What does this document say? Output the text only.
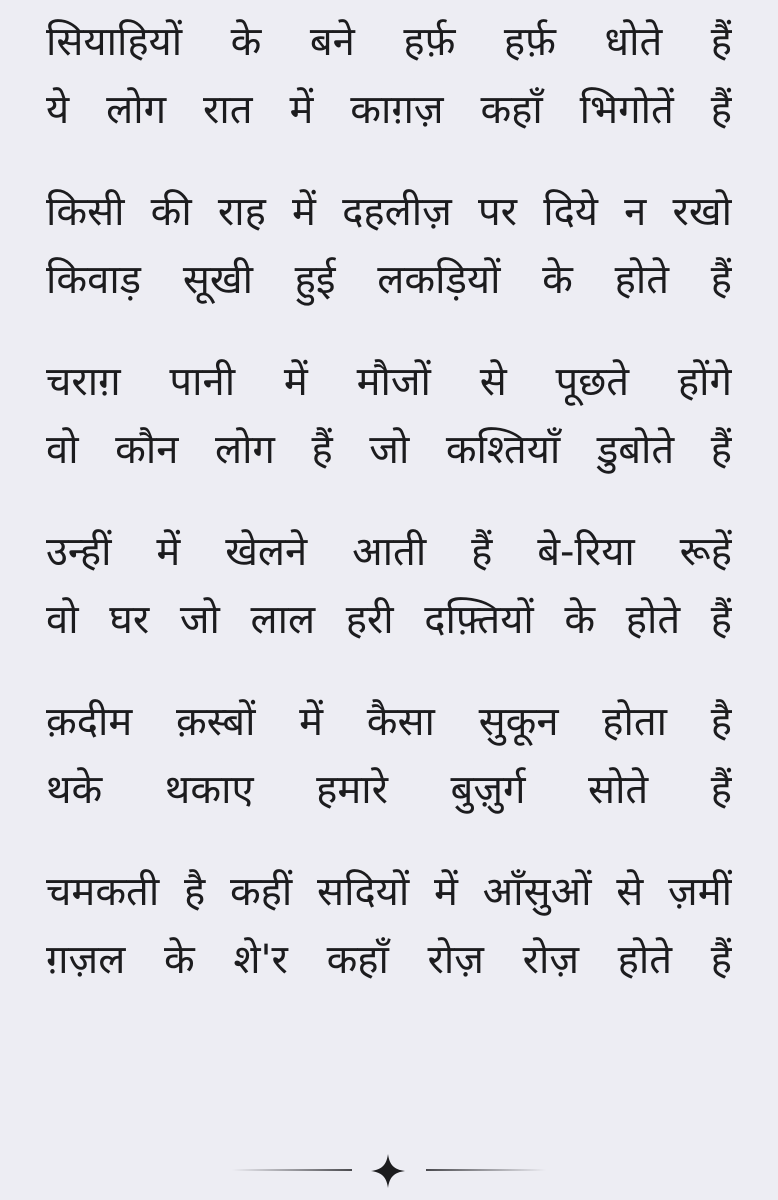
सियाहियों के बने हर्फ़ हर्फ़ धोते हैं
ये लोग रात में काग़ज़ कहाँ भिगोतें हैं
किसी की राह में दहलीज़ पर दिये न रखो
किवाड़ सूखी हुई लकड़ियों के होते हैं
चराग़ पानी में मौजों से पूछते होंगे
वो कौन लोग हैं जो कश्तियाँ डुबोते हैं
उन्हीं में खेलने आती हैं बे-रिया रूहें
वो घर जो लाल हरी दफ़्तियों के होते हैं
क़दीम क़स्बों में कैसा सुकून होता है
थके थकाए हमारे बुज़ुर्ग सोते हैं
चमकती है कहीं सदियों में आँसुओं से ज़मीं
ग़ज़ल के शे'र कहाँ रोज़ रोज़ होते हैं
